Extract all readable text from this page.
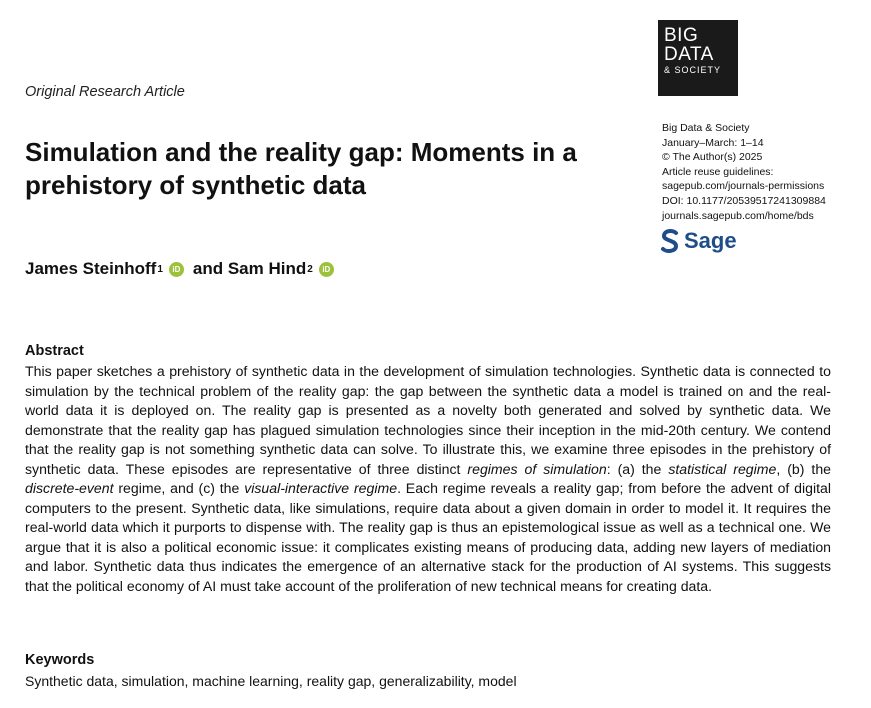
BIG
DATA
& SOCIETY
Original Research Article
Big Data & Society
January–March: 1–14
© The Author(s) 2025
Article reuse guidelines:
sagepub.com/journals-permissions
DOI: 10.1177/20539517241309884
journals.sagepub.com/home/bds
Sage
Simulation and the reality gap: Moments in a prehistory of synthetic data
James Steinhoff 1	iD and
Sam Hind 2	iD
Abstract

This paper sketches a prehistory of synthetic data in the development of simulation technologies. Synthetic data is connected to simulation by the technical problem of the reality gap: the gap between the synthetic data a model is trained on and the real-world data it is deployed on. The reality gap is presented as a novelty both generated and solved by synthetic data. We demonstrate that the reality gap has plagued simulation technologies since their inception in the mid-20th century. We contend that the reality gap is not something synthetic data can solve. To illustrate this, we examine three episodes in the prehistory of synthetic data. These episodes are representative of three distinct regimes of simulation: (a) the statistical regime, (b) the discrete-event regime, and (c) the visual-interactive regime. Each regime reveals a reality gap; from before the advent of digital computers to the present. Synthetic data, like simulations, require data about a given domain in order to model it. It requires the real-world data which it purports to dispense with. The reality gap is thus an epistemological issue as well as a technical one. We argue that it is also a political economic issue: it complicates existing means of producing data, adding new layers of mediation and labor. Synthetic data thus indicates the emergence of an alternative stack for the production of AI systems. This suggests that the political economy of AI must take account of the proliferation of new technical means for creating data.

Keywords
Synthetic data, simulation, machine learning, reality gap, generalizability, model
